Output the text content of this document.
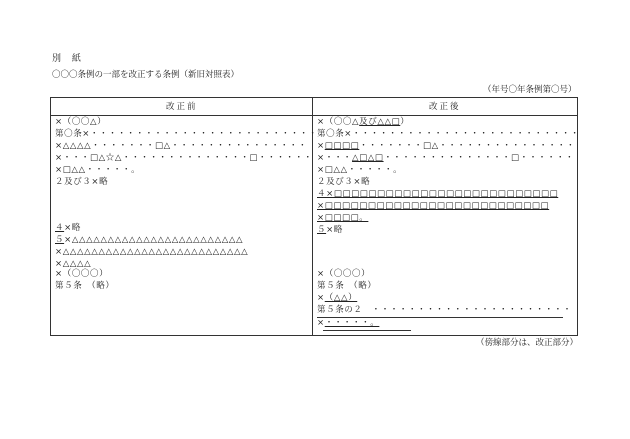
別 紙
〇〇〇条例の一部を改正する条例（新旧対照表）
（年号〇年条例第〇号）
改正前	改正後
×（〇〇△）
第〇条×・・・・・・・・・・・・・・・・・・・・・・・・・
×△△△△・・・・・・・□△・・・・・・・・・・・・・・・
×・・・□△☆△・・・・・・・・・・・・・・□・・・・・・
×□△△・・・・・。
２及び３×略
４×略
５×△△△△△△△△△△△△△△△△△△△△△△△△
×△△△△△△△△△△△△△△△△△△△△△△△△△△
×△△△△
×（〇〇〇）
第５条　（略）
×（〇〇△及び△△□）
第〇条×・・・・・・・・・・・・・・・・・・・・・・・・・
×□□□□・・・・・・・□△・・・・・・・・・・・・・・・
×・・・△□△□・・・・・・・・・・・・・・□・・・・・・
×□△△・・・・・。
２及び３×略
４×□□□□□□□□□□□□□□□□□□□□□□□□□□
×□□□□□□□□□□□□□□□□□□□□□□□□□□
×□□□□。
５×略
×（〇〇〇）
第５条　（略）
×（△△）
第５条の２　・・・・・・・・・・・・・・・・・・・・・・
×・・・・・。
（傍線部分は、改正部分）
